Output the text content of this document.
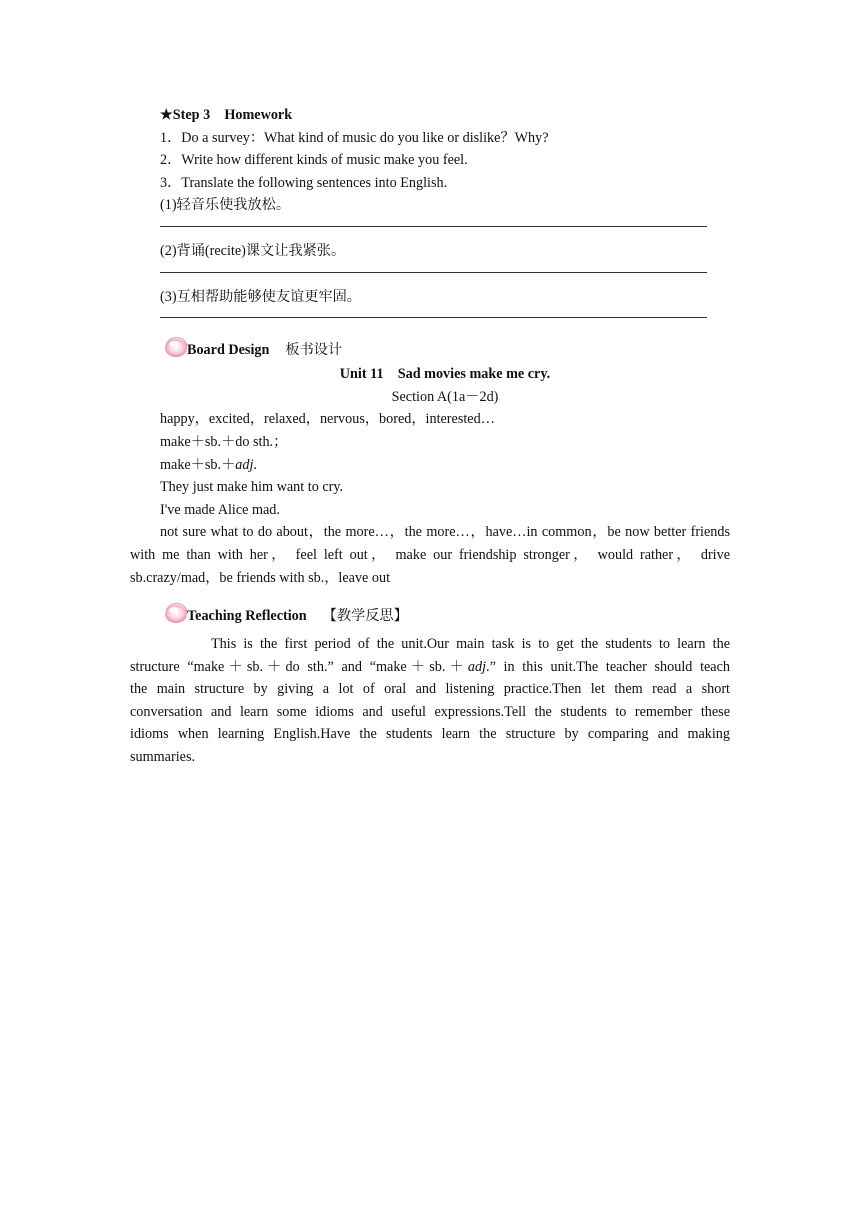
★Step 3　Homework
1．Do a survey：What kind of music do you like or dislike？Why?
2．Write how different kinds of music make you feel.
3．Translate the following sentences into English.
(1)轻音乐使我放松。
(2)背诵(recite)课文让我紧张。
(3)互相帮助能够使友谊更牢固。
Board Design 板书设计
Unit 11　Sad movies make me cry.
Section A(1a－2d)
happy，excited，relaxed，nervous，bored，interested…
make＋sb.＋do sth.；
make＋sb.＋adj.
They just make him want to cry.
I've made Alice mad.
not sure what to do about，the more…，the more…，have…in common，be now better friends
with me than with her， feel left out， make our friendship stronger， would rather， drive
sb.crazy/mad，be friends with sb.，leave out
Teaching Reflection 【教学反思】
This is the first period of the unit.Our main task is to get the students to learn the
structure “make＋sb.＋do sth.” and “make＋sb.＋adj.” in this unit.The teacher should teach
the main structure by giving a lot of oral and listening practice.Then let them read a short
conversation and learn some idioms and useful expressions.Tell the students to remember these
idioms when learning English.Have the students learn the structure by comparing and making
summaries.
